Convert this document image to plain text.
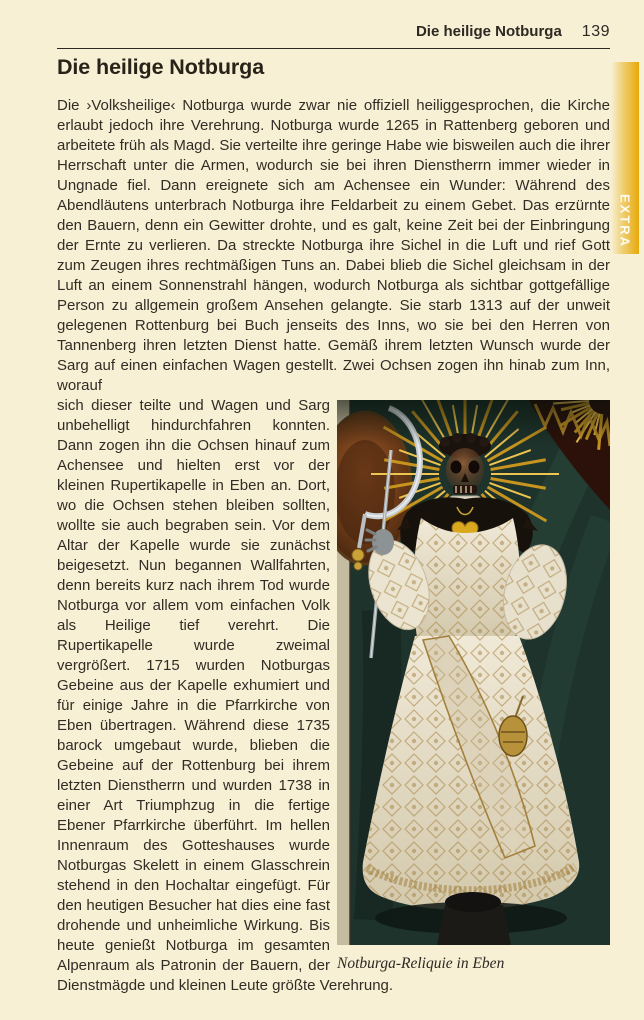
Die heilige Notburga 139
EXTRA
Die heilige Notburga

Die ›Volksheilige‹ Notburga wurde zwar nie offiziell heiliggesprochen, die Kirche erlaubt jedoch ihre Verehrung. Notburga wurde 1265 in Rattenberg geboren und arbeitete früh als Magd. Sie verteilte ihre geringe Habe wie bisweilen auch die ihrer Herrschaft unter die Armen, wodurch sie bei ihren Dienstherrn immer wieder in Ungnade fiel. Dann ereignete sich am Achensee ein Wunder: Während des Abendläutens unterbrach Notburga ihre Feldarbeit zu einem Gebet. Das erzürnte den Bauern, denn ein Gewitter drohte, und es galt, keine Zeit bei der Einbringung der Ernte zu verlieren. Da streckte Notburga ihre Sichel in die Luft und rief Gott zum Zeugen ihres rechtmäßigen Tuns an. Dabei blieb die Sichel gleichsam in der Luft an einem Sonnenstrahl hängen, wodurch Notburga als sichtbar gottgefällige Person zu allgemein großem Ansehen gelangte. Sie starb 1313 auf der unweit gelegenen Rottenburg bei Buch jenseits des Inns, wo sie bei den Herren von Tannenberg ihren letzten Dienst hatte. Gemäß ihrem letzten Wunsch wurde der Sarg auf einen einfachen Wagen gestellt. Zwei Ochsen zogen ihn hinab zum Inn, worauf

Notburga-Reliquie in Eben
sich dieser teilte und Wagen und Sarg unbehelligt hindurchfahren konnten. Dann zogen ihn die Ochsen hinauf zum Achensee und hielten erst vor der kleinen Rupertikapelle in Eben an. Dort, wo die Ochsen stehen bleiben sollten, wollte sie auch begraben sein. Vor dem Altar der Kapelle wurde sie zunächst beigesetzt. Nun begannen Wallfahrten, denn bereits kurz nach ihrem Tod wurde Notburga vor allem vom einfachen Volk als Heilige tief verehrt. Die Rupertikapelle wurde zweimal vergrößert. 1715 wurden Notburgas Gebeine aus der Kapelle exhumiert und für einige Jahre in die Pfarrkirche von Eben übertragen. Während diese 1735 barock umgebaut wurde, blieben die Gebeine auf der Rottenburg bei ihrem letzten Dienstherrn und wurden 1738 in einer Art Triumphzug in die fertige Ebener Pfarrkirche überführt. Im hellen Innenraum des Gotteshauses wurde Notburgas Skelett in einem Glasschrein stehend in den Hochaltar eingefügt. Für den heutigen Besucher hat dies eine fast drohende und unheimliche Wirkung. Bis heute genießt Notburga im gesamten Alpenraum als Patronin der Bauern, der Dienstmägde und kleinen Leute größte Verehrung.
